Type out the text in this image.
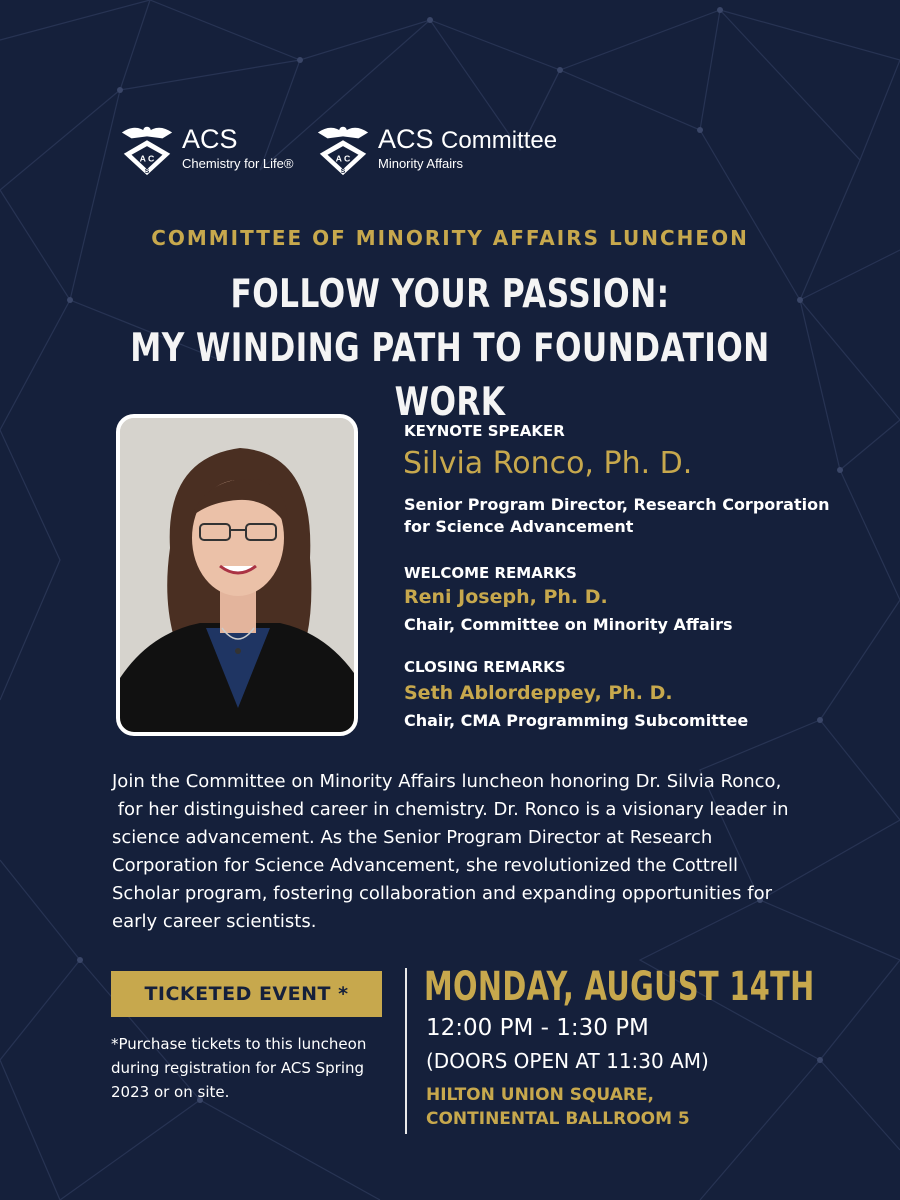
A C
S
ACS
Chemistry for Life®	A C
S
ACS Committee
Minority Affairs
COMMITTEE OF MINORITY AFFAIRS LUNCHEON
FOLLOW YOUR PASSION:
MY WINDING PATH TO FOUNDATION WORK
KEYNOTE SPEAKER
Silvia Ronco, Ph. D.
Senior Program Director, Research Corporation
for Science Advancement
WELCOME REMARKS
Reni Joseph, Ph. D.
Chair, Committee on Minority Affairs
CLOSING REMARKS
Seth Ablordeppey, Ph. D.
Chair, CMA Programming Subcomittee
Join the Committee on Minority Affairs luncheon honoring Dr. Silvia Ronco,
for her distinguished career in chemistry. Dr. Ronco is a visionary leader in
science advancement. As the Senior Program Director at Research
Corporation for Science Advancement, she revolutionized the Cottrell
Scholar program, fostering collaboration and expanding opportunities for
early career scientists.
TICKETED EVENT *
*Purchase tickets to this luncheon
during registration for ACS Spring
2023 or on site.
MONDAY, AUGUST 14TH
12:00 PM - 1:30 PM
(DOORS OPEN AT 11:30 AM)
HILTON UNION SQUARE,
CONTINENTAL BALLROOM 5
